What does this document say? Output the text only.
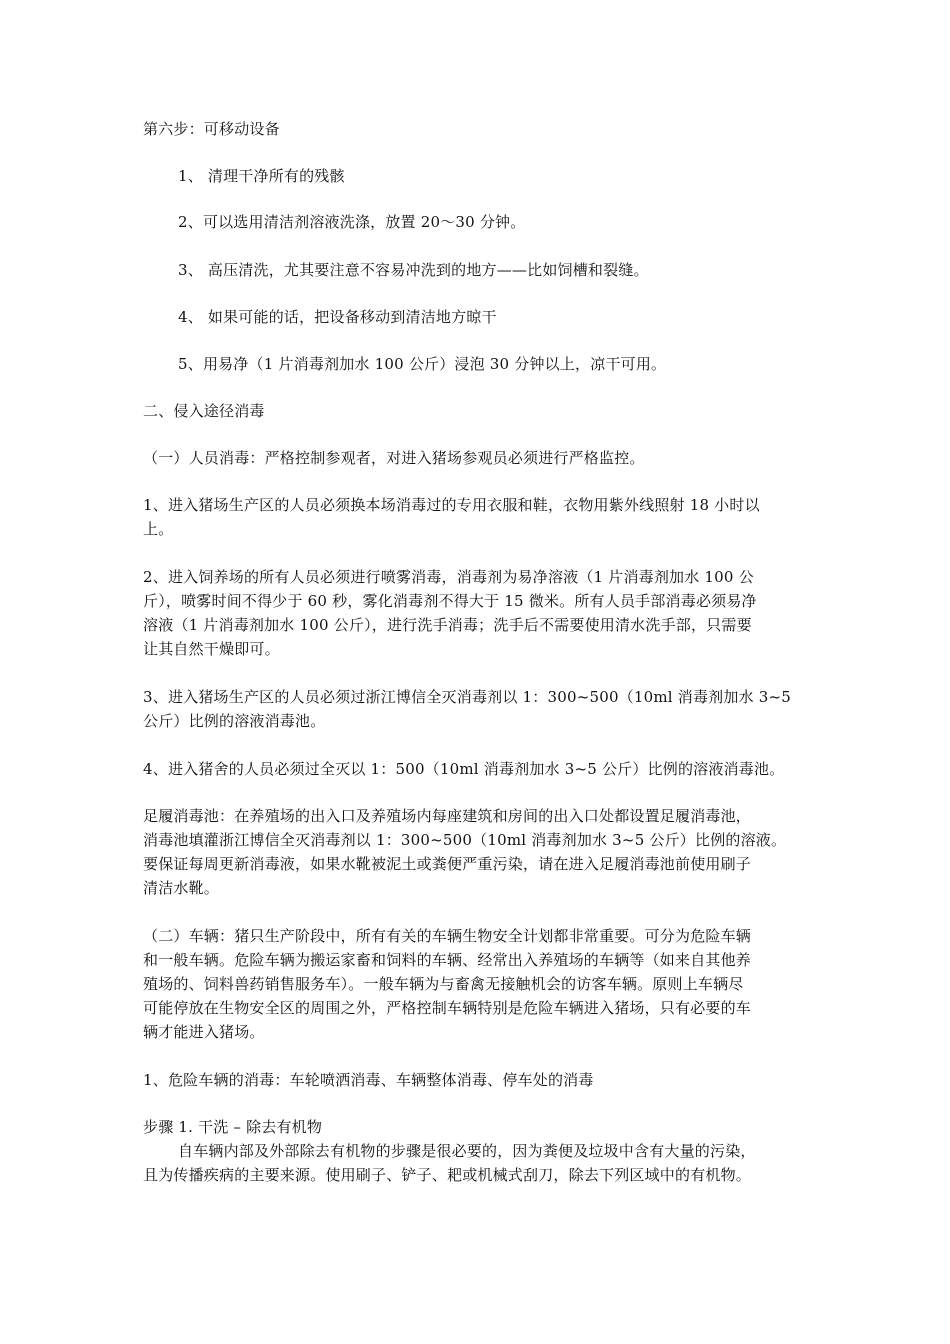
第六步：可移动设备
1、 清理干净所有的残骸
2、可以选用清洁剂溶液洗涤，放置 20～30 分钟。
3、 高压清洗，尤其要注意不容易冲洗到的地方——比如饲槽和裂缝。
4、 如果可能的话，把设备移动到清洁地方晾干
5、用易净（1 片消毒剂加水 100 公斤）浸泡 30 分钟以上，凉干可用。
二、侵入途径消毒
（一）人员消毒：严格控制参观者，对进入猪场参观员必须进行严格监控。
1、进入猪场生产区的人员必须换本场消毒过的专用衣服和鞋，衣物用紫外线照射 18 小时以
上。
2、进入饲养场的所有人员必须进行喷雾消毒，消毒剂为易净溶液（1 片消毒剂加水 100 公
斤），喷雾时间不得少于 60 秒，雾化消毒剂不得大于 15 微米。所有人员手部消毒必须易净
溶液（1 片消毒剂加水 100 公斤），进行洗手消毒；洗手后不需要使用清水洗手部，只需要
让其自然干燥即可。
3、进入猪场生产区的人员必须过浙江博信全灭消毒剂以 1：300~500（10ml 消毒剂加水 3~5
公斤）比例的溶液消毒池。
4、进入猪舍的人员必须过全灭以 1：500（10ml 消毒剂加水 3~5 公斤）比例的溶液消毒池。
足履消毒池：在养殖场的出入口及养殖场内每座建筑和房间的出入口处都设置足履消毒池，
消毒池填灌浙江博信全灭消毒剂以 1：300~500（10ml 消毒剂加水 3~5 公斤）比例的溶液。
要保证每周更新消毒液，如果水靴被泥土或粪便严重污染，请在进入足履消毒池前使用刷子
清洁水靴。
（二）车辆：猪只生产阶段中，所有有关的车辆生物安全计划都非常重要。可分为危险车辆
和一般车辆。危险车辆为搬运家畜和饲料的车辆、经常出入养殖场的车辆等（如来自其他养
殖场的、饲料兽药销售服务车）。一般车辆为与畜禽无接触机会的访客车辆。原则上车辆尽
可能停放在生物安全区的周围之外，严格控制车辆特别是危险车辆进入猪场，只有必要的车
辆才能进入猪场。
1、危险车辆的消毒：车轮喷洒消毒、车辆整体消毒、停车处的消毒
步骤 1. 干洗 – 除去有机物
自车辆内部及外部除去有机物的步骤是很必要的，因为粪便及垃圾中含有大量的污染，
且为传播疾病的主要来源。使用刷子、铲子、耙或机械式刮刀，除去下列区域中的有机物。
